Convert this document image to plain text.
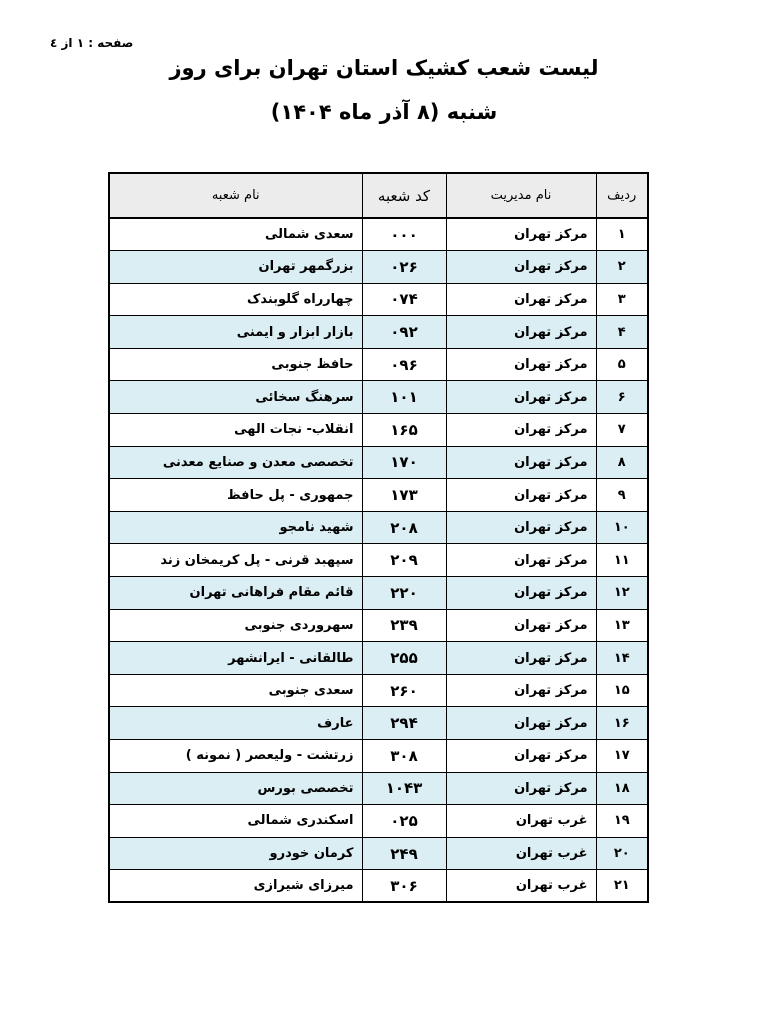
صفحه : ۱ از ٤
لیست شعب کشیک استان تهران برای روز
شنبه (۸ آذر ماه ۱۴۰۴)
ردیف	نام مدیریت	کد شعبه	نام شعبه
۱	مرکز تهران	۰۰۰	سعدی شمالی
۲	مرکز تهران	۰۲۶	بزرگمهر تهران
۳	مرکز تهران	۰۷۴	چهارراه گلوبندک
۴	مرکز تهران	۰۹۲	بازار ابزار و ایمنی
۵	مرکز تهران	۰۹۶	حافظ جنوبی
۶	مرکز تهران	۱۰۱	سرهنگ سخائی
۷	مرکز تهران	۱۶۵	انقلاب- نجات الهی
۸	مرکز تهران	۱۷۰	تخصصی معدن و صنایع معدنی
۹	مرکز تهران	۱۷۳	جمهوری - پل حافظ
۱۰	مرکز تهران	۲۰۸	شهید نامجو
۱۱	مرکز تهران	۲۰۹	سپهبد قرنی - پل کریمخان زند
۱۲	مرکز تهران	۲۲۰	قائم مقام فراهانی تهران
۱۳	مرکز تهران	۲۳۹	سهروردی جنوبی
۱۴	مرکز تهران	۲۵۵	طالقانی - ایرانشهر
۱۵	مرکز تهران	۲۶۰	سعدی جنوبی
۱۶	مرکز تهران	۲۹۴	عارف
۱۷	مرکز تهران	۳۰۸	زرتشت - ولیعصر ( نمونه )
۱۸	مرکز تهران	۱۰۴۳	تخصصی بورس
۱۹	غرب تهران	۰۲۵	اسکندری شمالی
۲۰	غرب تهران	۲۴۹	کرمان خودرو
۲۱	غرب تهران	۳۰۶	میرزای شیرازی
